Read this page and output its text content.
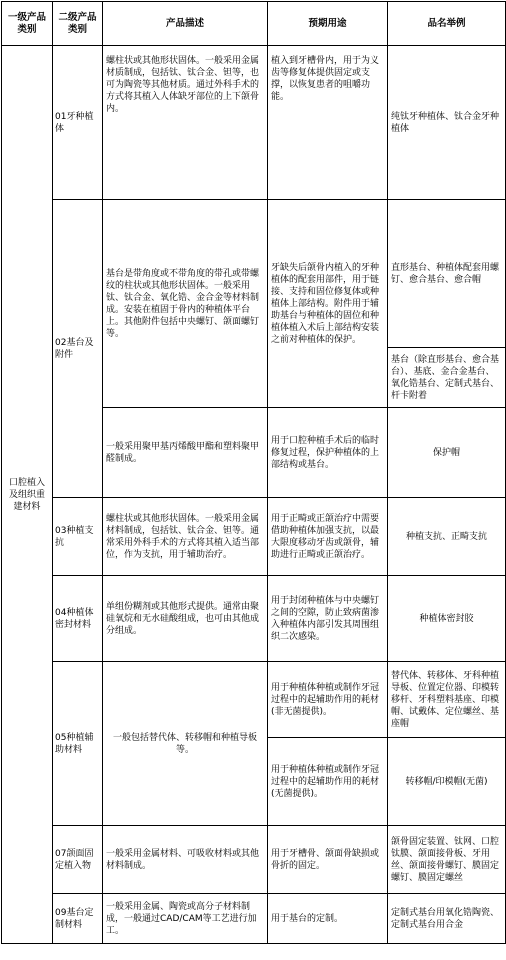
一级产品类别	二级产品类别	产品描述	预期用途	品名举例
口腔植入及组织重建材料	01牙种植体	螺柱状或其他形状固体。一般采用金属材质制成，包括钛、钛合金、钽等，也可为陶瓷等其他材质。通过外科手术的方式将其植入人体缺牙部位的上下颌骨内。	植入到牙槽骨内，用于为义齿等修复体提供固定或支撑，以恢复患者的咀嚼功能。	纯钛牙种植体、钛合金牙种植体
	02基台及附件	基台是带角度或不带角度的带孔或带螺纹的柱状或其他形状固体。一般采用钛、钛合金、氧化锆、金合金等材料制成。安装在植固于骨内的种植体平台上。其他附件包括中央螺钉、颌面螺钉等。	牙缺失后颌骨内植入的牙种植体的配套用部件，用于链接、支持和固位修复体或种植体上部结构。附件用于辅助基台与种植体的固位和种植体植入术后上部结构安装之前对种植体的保护。	直形基台、种植体配套用螺钉、愈合基台、愈合帽
				基台（除直形基台、愈合基台）、基底、金合金基台、氧化锆基台、定制式基台、杆卡附着
		一般采用聚甲基丙烯酸甲酯和塑料聚甲醛制成。	用于口腔种植手术后的临时修复过程，保护种植体的上部结构或基台。	保护帽
	03种植支抗	螺柱状或其他形状固体。一般采用金属材料制成，包括钛、钛合金、钽等。通常采用外科手术的方式将其植入适当部位，作为支抗，用于辅助治疗。	用于正畸或正颌治疗中需要借助种植体加强支抗，以最大限度移动牙齿或颌骨，辅助进行正畸或正颌治疗。	种植支抗、正畸支抗
	04种植体密封材料	单组份糊剂或其他形式提供。通常由聚硅氧烷和无水硅酸组成，也可由其他成分组成。	用于封闭种植体与中央螺钉之间的空隙，防止致病菌渗入种植体内部引发其周围组织二次感染。	种植体密封胶
	05种植辅助材料	一般包括替代体、转移帽和种植导板等。	用于种植体种植或制作牙冠过程中的起辅助作用的耗材(非无菌提供)。	替代体、转移体、牙科种植导板、位置定位器、印模转移杆、牙科塑料基座、印模帽、试戴体、定位螺丝、基座帽
			用于种植体种植或制作牙冠过程中的起辅助作用的耗材(无菌提供)。	转移帽/印模帽(无菌)
	07颌面固定植入物	一般采用金属材料、可吸收材料或其他材料制成。	用于牙槽骨、颌面骨缺损或骨折的固定。	颌骨固定装置、钛网、口腔钛膜、颌面接骨板、牙用丝、颌面接骨螺钉、膜固定螺钉、膜固定螺丝
	09基台定制材料	一般采用金属、陶瓷或高分子材料制成，一般通过CAD/CAM等工艺进行加工。	用于基台的定制。	定制式基台用氧化锆陶瓷、定制式基台用合金
